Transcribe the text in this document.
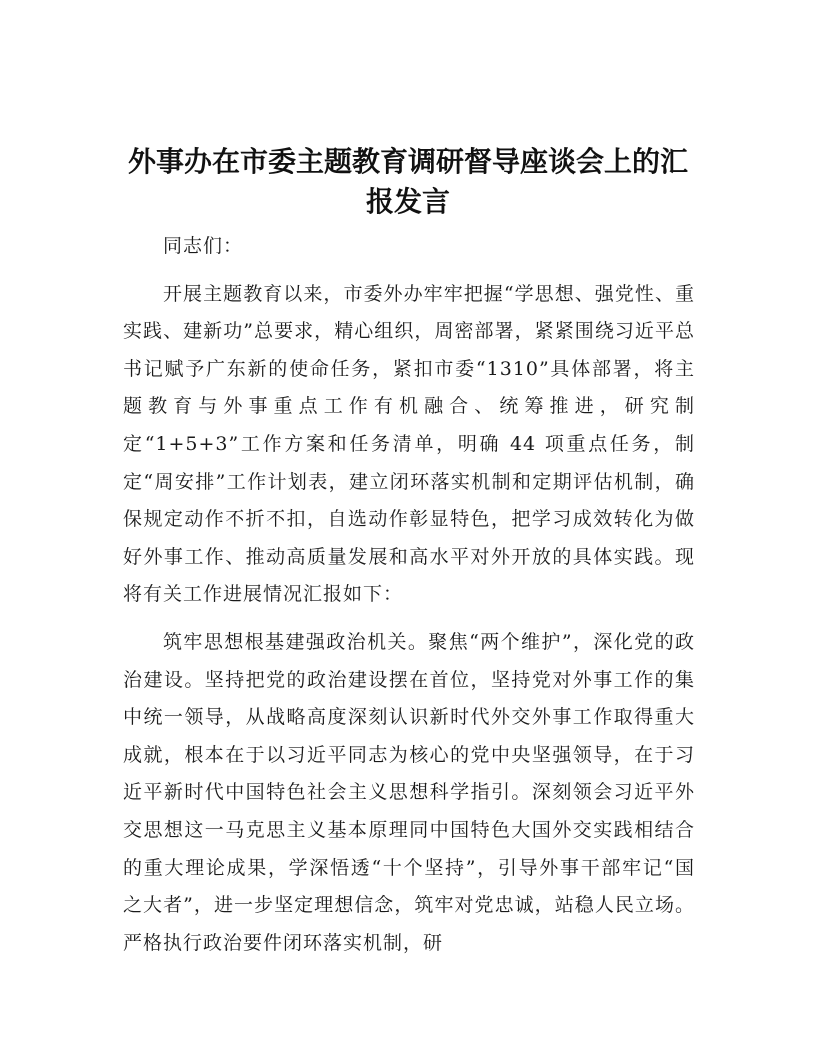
外事办在市委主题教育调研督导座谈会上的汇
报发言

同志们：

开展主题教育以来，市委外办牢牢把握“学思想、强党性、重实践、建新功”总要求，精心组织，周密部署，紧紧围绕习近平总书记赋予广东新的使命任务，紧扣市委“1310”具体部署，将主题教育与外事重点工作有机融合、统筹推进，研究制定“1+5+3”工作方案和任务清单，明确 44 项重点任务，制定“周安排”工作计划表，建立闭环落实机制和定期评估机制，确保规定动作不折不扣，自选动作彰显特色，把学习成效转化为做好外事工作、推动高质量发展和高水平对外开放的具体实践。现将有关工作进展情况汇报如下：

筑牢思想根基建强政治机关。聚焦“两个维护”，深化党的政治建设。坚持把党的政治建设摆在首位，坚持党对外事工作的集中统一领导，从战略高度深刻认识新时代外交外事工作取得重大成就，根本在于以习近平同志为核心的党中央坚强领导，在于习近平新时代中国特色社会主义思想科学指引。深刻领会习近平外交思想这一马克思主义基本原理同中国特色大国外交实践相结合的重大理论成果，学深悟透“十个坚持”，引导外事干部牢记“国之大者”，进一步坚定理想信念，筑牢对党忠诚，站稳人民立场。严格执行政治要件闭环落实机制，研
